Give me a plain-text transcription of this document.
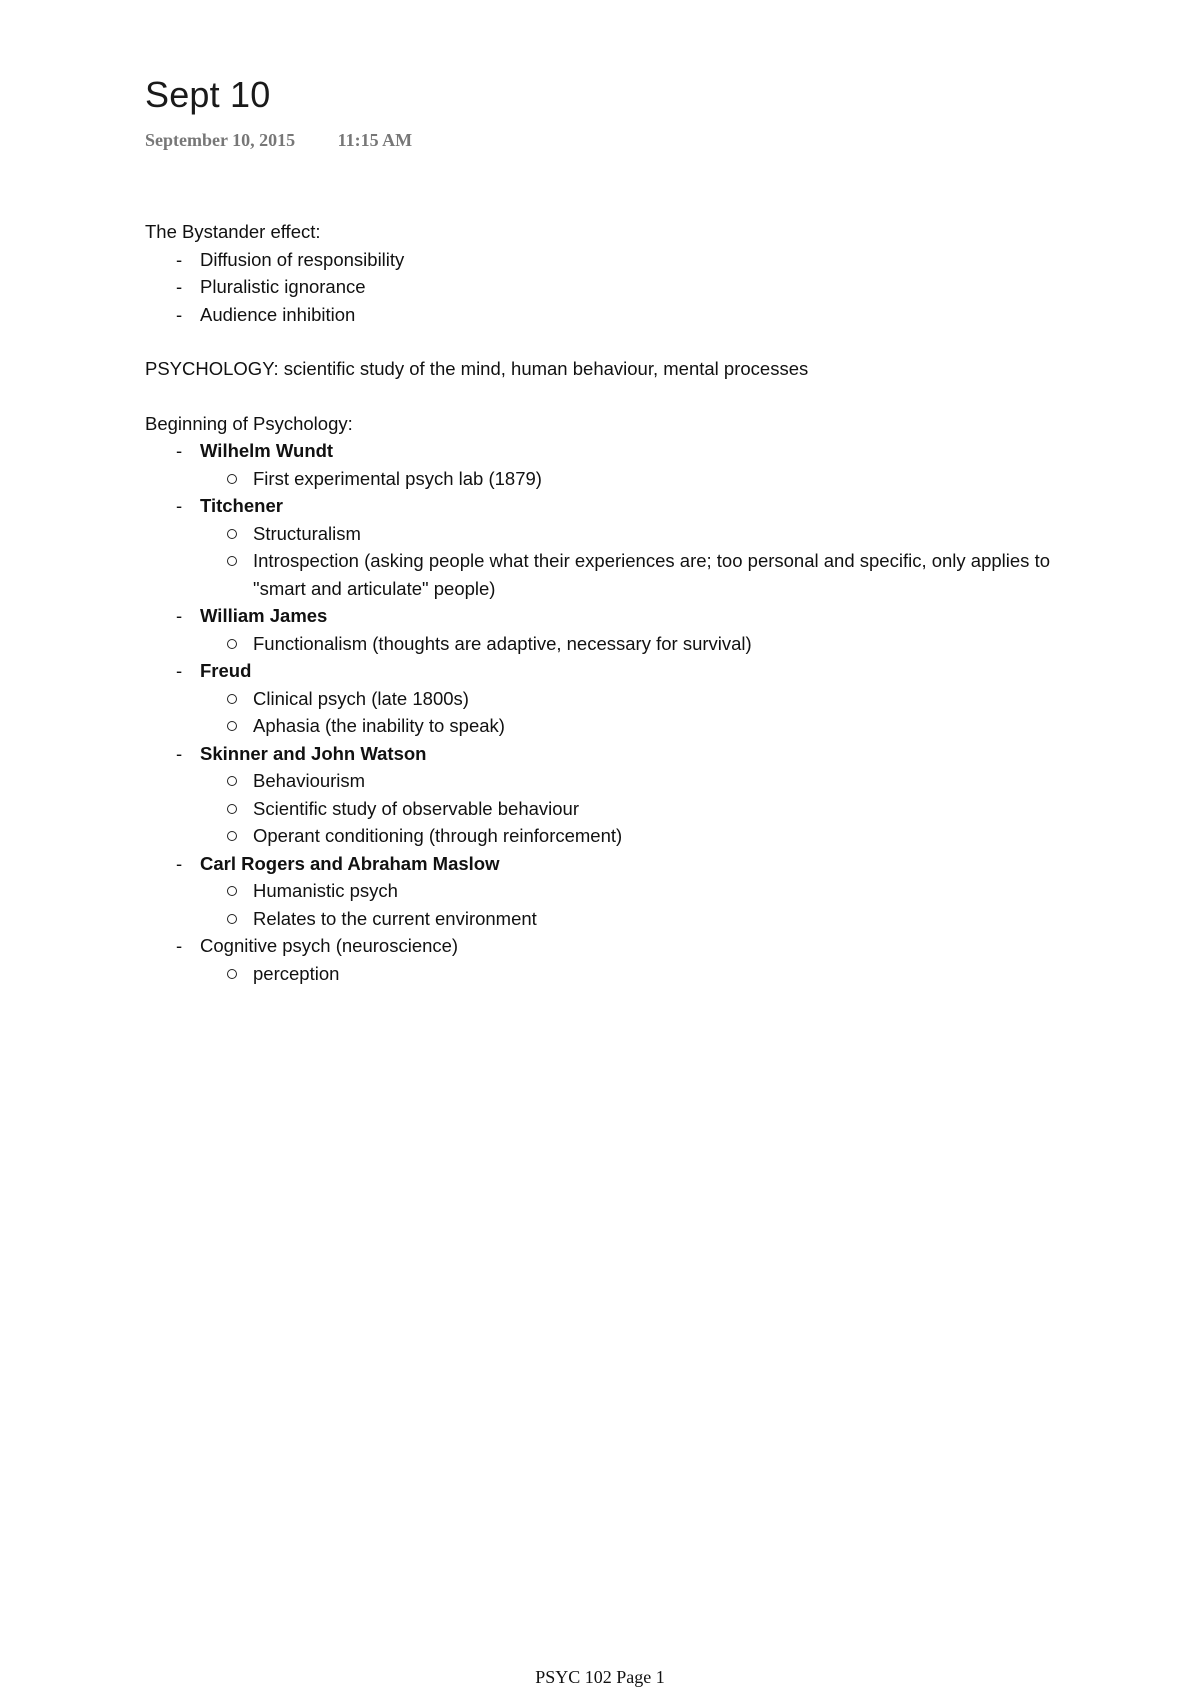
Sept 10
September 10, 2015 11:15 AM

The Bystander effect:

- Diffusion of responsibility
- Pluralistic ignorance
- Audience inhibition

PSYCHOLOGY: scientific study of the mind, human behaviour, mental processes

Beginning of Psychology:

- Wilhelm Wundt
First experimental psych lab (1879)
- Titchener
Structuralism
Introspection (asking people what their experiences are; too personal and specific, only applies to "smart and articulate" people)
- William James
Functionalism (thoughts are adaptive, necessary for survival)
- Freud
Clinical psych (late 1800s)
Aphasia (the inability to speak)
- Skinner and John Watson
Behaviourism
Scientific study of observable behaviour
Operant conditioning (through reinforcement)
- Carl Rogers and Abraham Maslow
Humanistic psych
Relates to the current environment
- Cognitive psych (neuroscience)
perception
PSYC 102 Page 1
